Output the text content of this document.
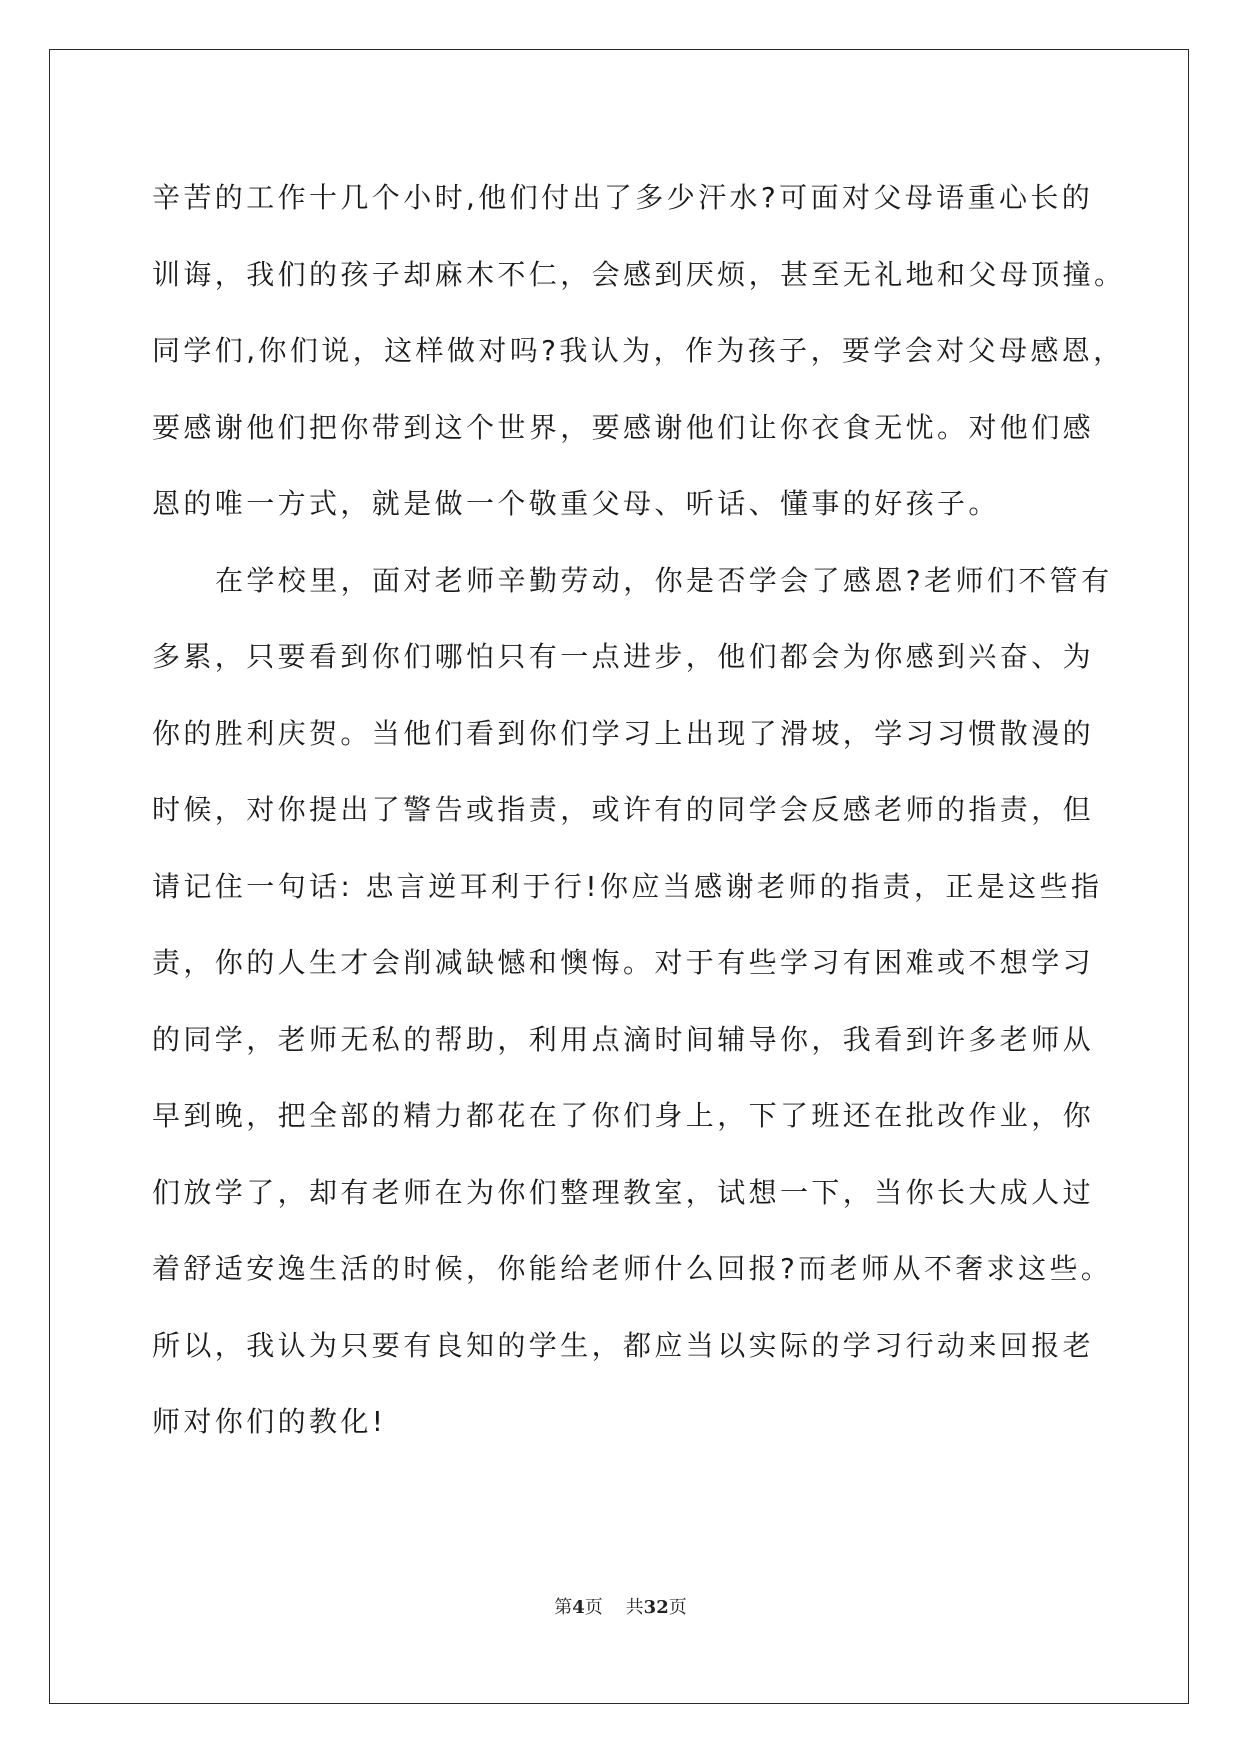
辛苦的工作十几个小时,他们付出了多少汗水?可面对父母语重心长的
训诲，我们的孩子却麻木不仁，会感到厌烦，甚至无礼地和父母顶撞。
同学们,你们说，这样做对吗?我认为，作为孩子，要学会对父母感恩，
要感谢他们把你带到这个世界，要感谢他们让你衣食无忧。对他们感
恩的唯一方式，就是做一个敬重父母、听话、懂事的好孩子。
在学校里，面对老师辛勤劳动，你是否学会了感恩?老师们不管有
多累，只要看到你们哪怕只有一点进步，他们都会为你感到兴奋、为
你的胜利庆贺。当他们看到你们学习上出现了滑坡，学习习惯散漫的
时候，对你提出了警告或指责，或许有的同学会反感老师的指责，但
请记住一句话: 忠言逆耳利于行!你应当感谢老师的指责，正是这些指
责，你的人生才会削减缺憾和懊悔。对于有些学习有困难或不想学习
的同学，老师无私的帮助，利用点滴时间辅导你，我看到许多老师从
早到晚，把全部的精力都花在了你们身上，下了班还在批改作业，你
们放学了，却有老师在为你们整理教室，试想一下，当你长大成人过
着舒适安逸生活的时候，你能给老师什么回报?而老师从不奢求这些。
所以，我认为只要有良知的学生，都应当以实际的学习行动来回报老
师对你们的教化!
第4页 共32页
